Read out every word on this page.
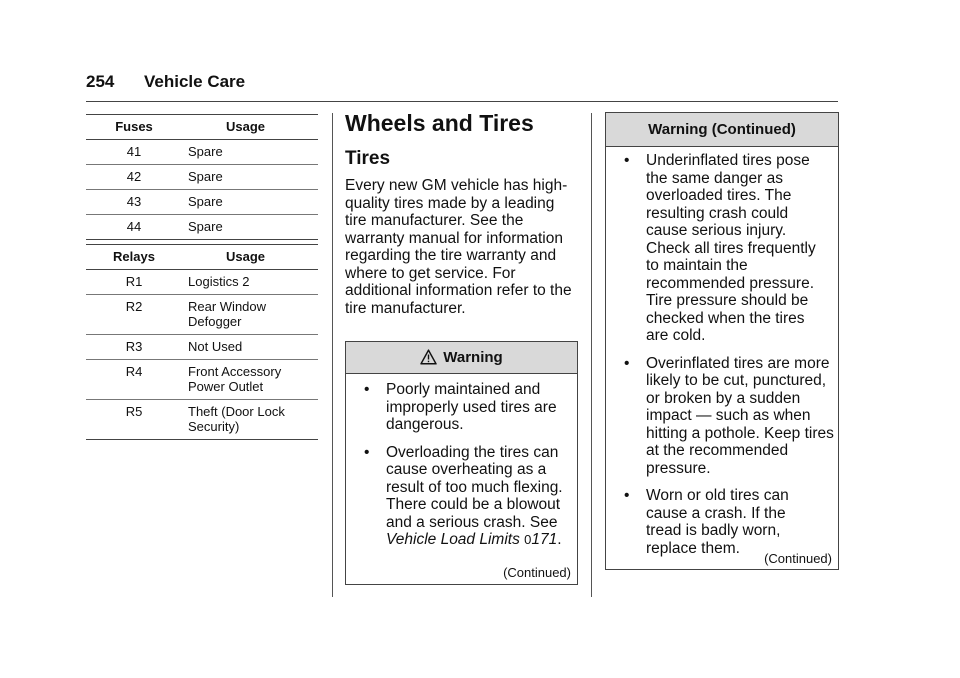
254 Vehicle Care
Fuses	Usage
41	Spare
42	Spare
43	Spare
44	Spare
Relays	Usage
R1	Logistics 2
R2	Rear Window Defogger
R3	Not Used
R4	Front Accessory Power Outlet
R5	Theft (Door Lock Security)
Wheels and Tires
Tires
Every new GM vehicle has high-quality tires made by a leading tire manufacturer. See the warranty manual for information regarding the tire warranty and where to get service. For additional information refer to the tire manufacturer.
Warning
• Poorly maintained and improperly used tires are dangerous.
• Overloading the tires can cause overheating as a result of too much flexing. There could be a blowout and a serious crash. See Vehicle Load Limits 0171.
(Continued)
Warning (Continued)
• Underinflated tires pose the same danger as overloaded tires. The resulting crash could cause serious injury. Check all tires frequently to maintain the recommended pressure. Tire pressure should be checked when the tires are cold.
• Overinflated tires are more likely to be cut, punctured, or broken by a sudden impact — such as when hitting a pothole. Keep tires at the recommended pressure.
• Worn or old tires can cause a crash. If the tread is badly worn, replace them.
(Continued)
